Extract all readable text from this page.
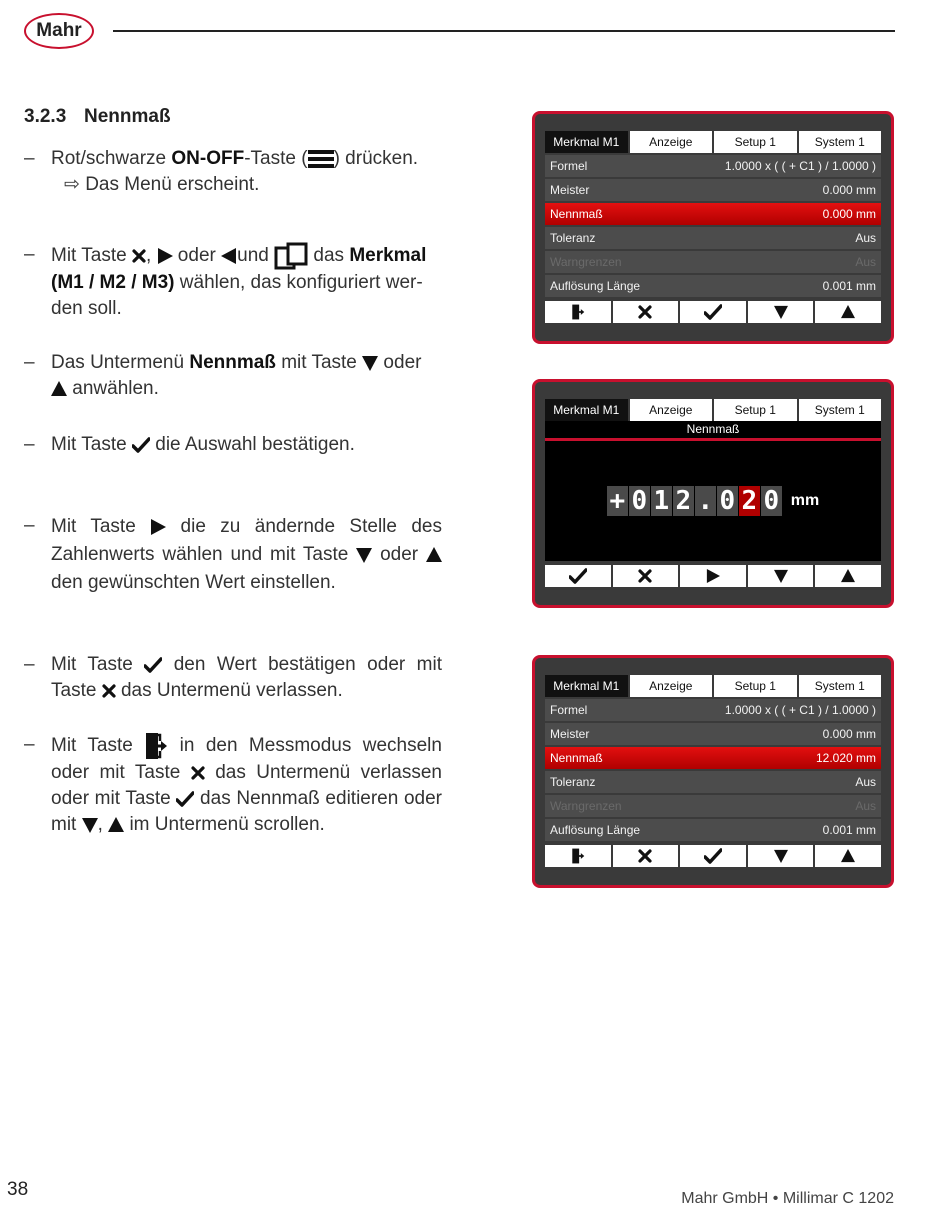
Mahr
3.2.3 Nennmaß
– Rot/schwarze ON-OFF-Taste ( ) drücken.
⇨ Das Menü erscheint.
– Mit Taste ,  oder und  das Merkmal (M1 / M2 / M3) wählen, das konfiguriert wer-den soll.
– Das Untermenü Nennmaß mit Taste  oder  anwählen.
– Mit Taste  die Auswahl bestätigen.
– Mit Taste  die zu ändernde Stelle des Zahlenwerts wählen und mit Taste  oder  den gewünschten Wert einstellen.
– Mit Taste  den Wert bestätigen oder mit Taste  das Untermenü verlassen.
– Mit Taste  in den Messmodus wechseln oder mit Taste  das Untermenü verlassen oder mit Taste  das Nennmaß editieren oder mit ,  im Untermenü scrollen.
Merkmal M1	Anzeige	Setup 1	System 1
Formel	1.0000 x ( ( + C1 ) / 1.0000 )
Meister	0.000 mm
Nennmaß	0.000 mm
Toleranz	Aus
Warngrenzen	Aus
Auflösung Länge	0.001 mm
Merkmal M1	Anzeige	Setup 1	System 1
Nennmaß
+ 0 1 2 . 0 2 0 mm
Merkmal M1	Anzeige	Setup 1	System 1
Formel	1.0000 x ( ( + C1 ) / 1.0000 )
Meister	0.000 mm
Nennmaß	12.020 mm
Toleranz	Aus
Warngrenzen	Aus
Auflösung Länge	0.001 mm
38	Mahr GmbH • Millimar C 1202
